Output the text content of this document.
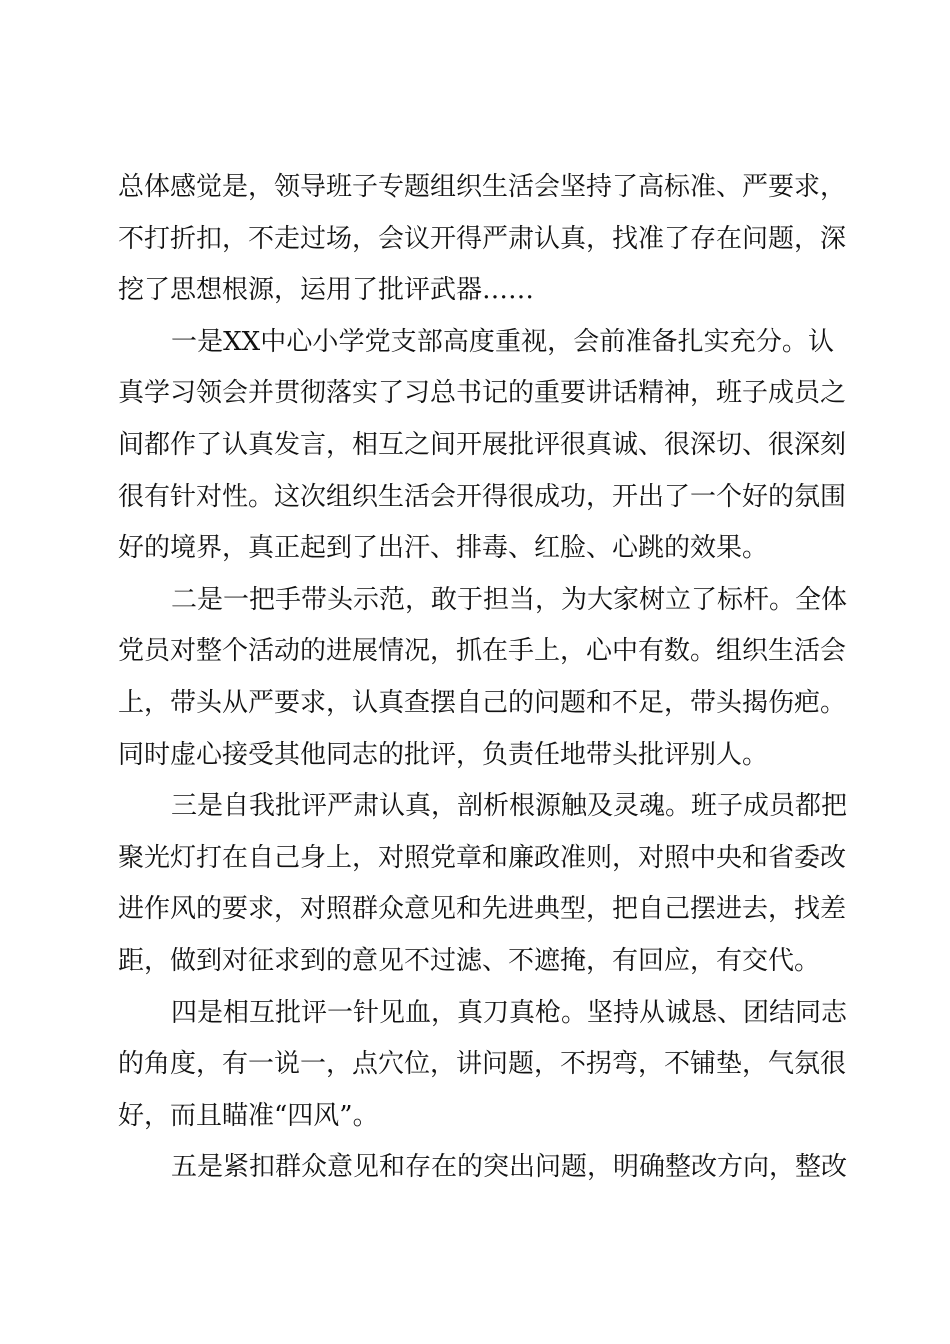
总体感觉是，领导班子专题组织生活会坚持了高标准、严要求，
不打折扣，不走过场，会议开得严肃认真，找准了存在问题，深
挖了思想根源，运用了批评武器……
一是XX中心小学党支部高度重视，会前准备扎实充分。认
真学习领会并贯彻落实了习总书记的重要讲话精神，班子成员之
间都作了认真发言，相互之间开展批评很真诚、很深切、很深刻
很有针对性。这次组织生活会开得很成功，开出了一个好的氛围
好的境界，真正起到了出汗、排毒、红脸、心跳的效果。
二是一把手带头示范，敢于担当，为大家树立了标杆。全体
党员对整个活动的进展情况，抓在手上，心中有数。组织生活会
上，带头从严要求，认真查摆自己的问题和不足，带头揭伤疤。
同时虚心接受其他同志的批评，负责任地带头批评别人。
三是自我批评严肃认真，剖析根源触及灵魂。班子成员都把
聚光灯打在自己身上，对照党章和廉政准则，对照中央和省委改
进作风的要求，对照群众意见和先进典型，把自己摆进去，找差
距，做到对征求到的意见不过滤、不遮掩，有回应，有交代。
四是相互批评一针见血，真刀真枪。坚持从诚恳、团结同志
的角度，有一说一，点穴位，讲问题，不拐弯，不铺垫，气氛很
好，而且瞄准“四风”。
五是紧扣群众意见和存在的突出问题，明确整改方向，整改
